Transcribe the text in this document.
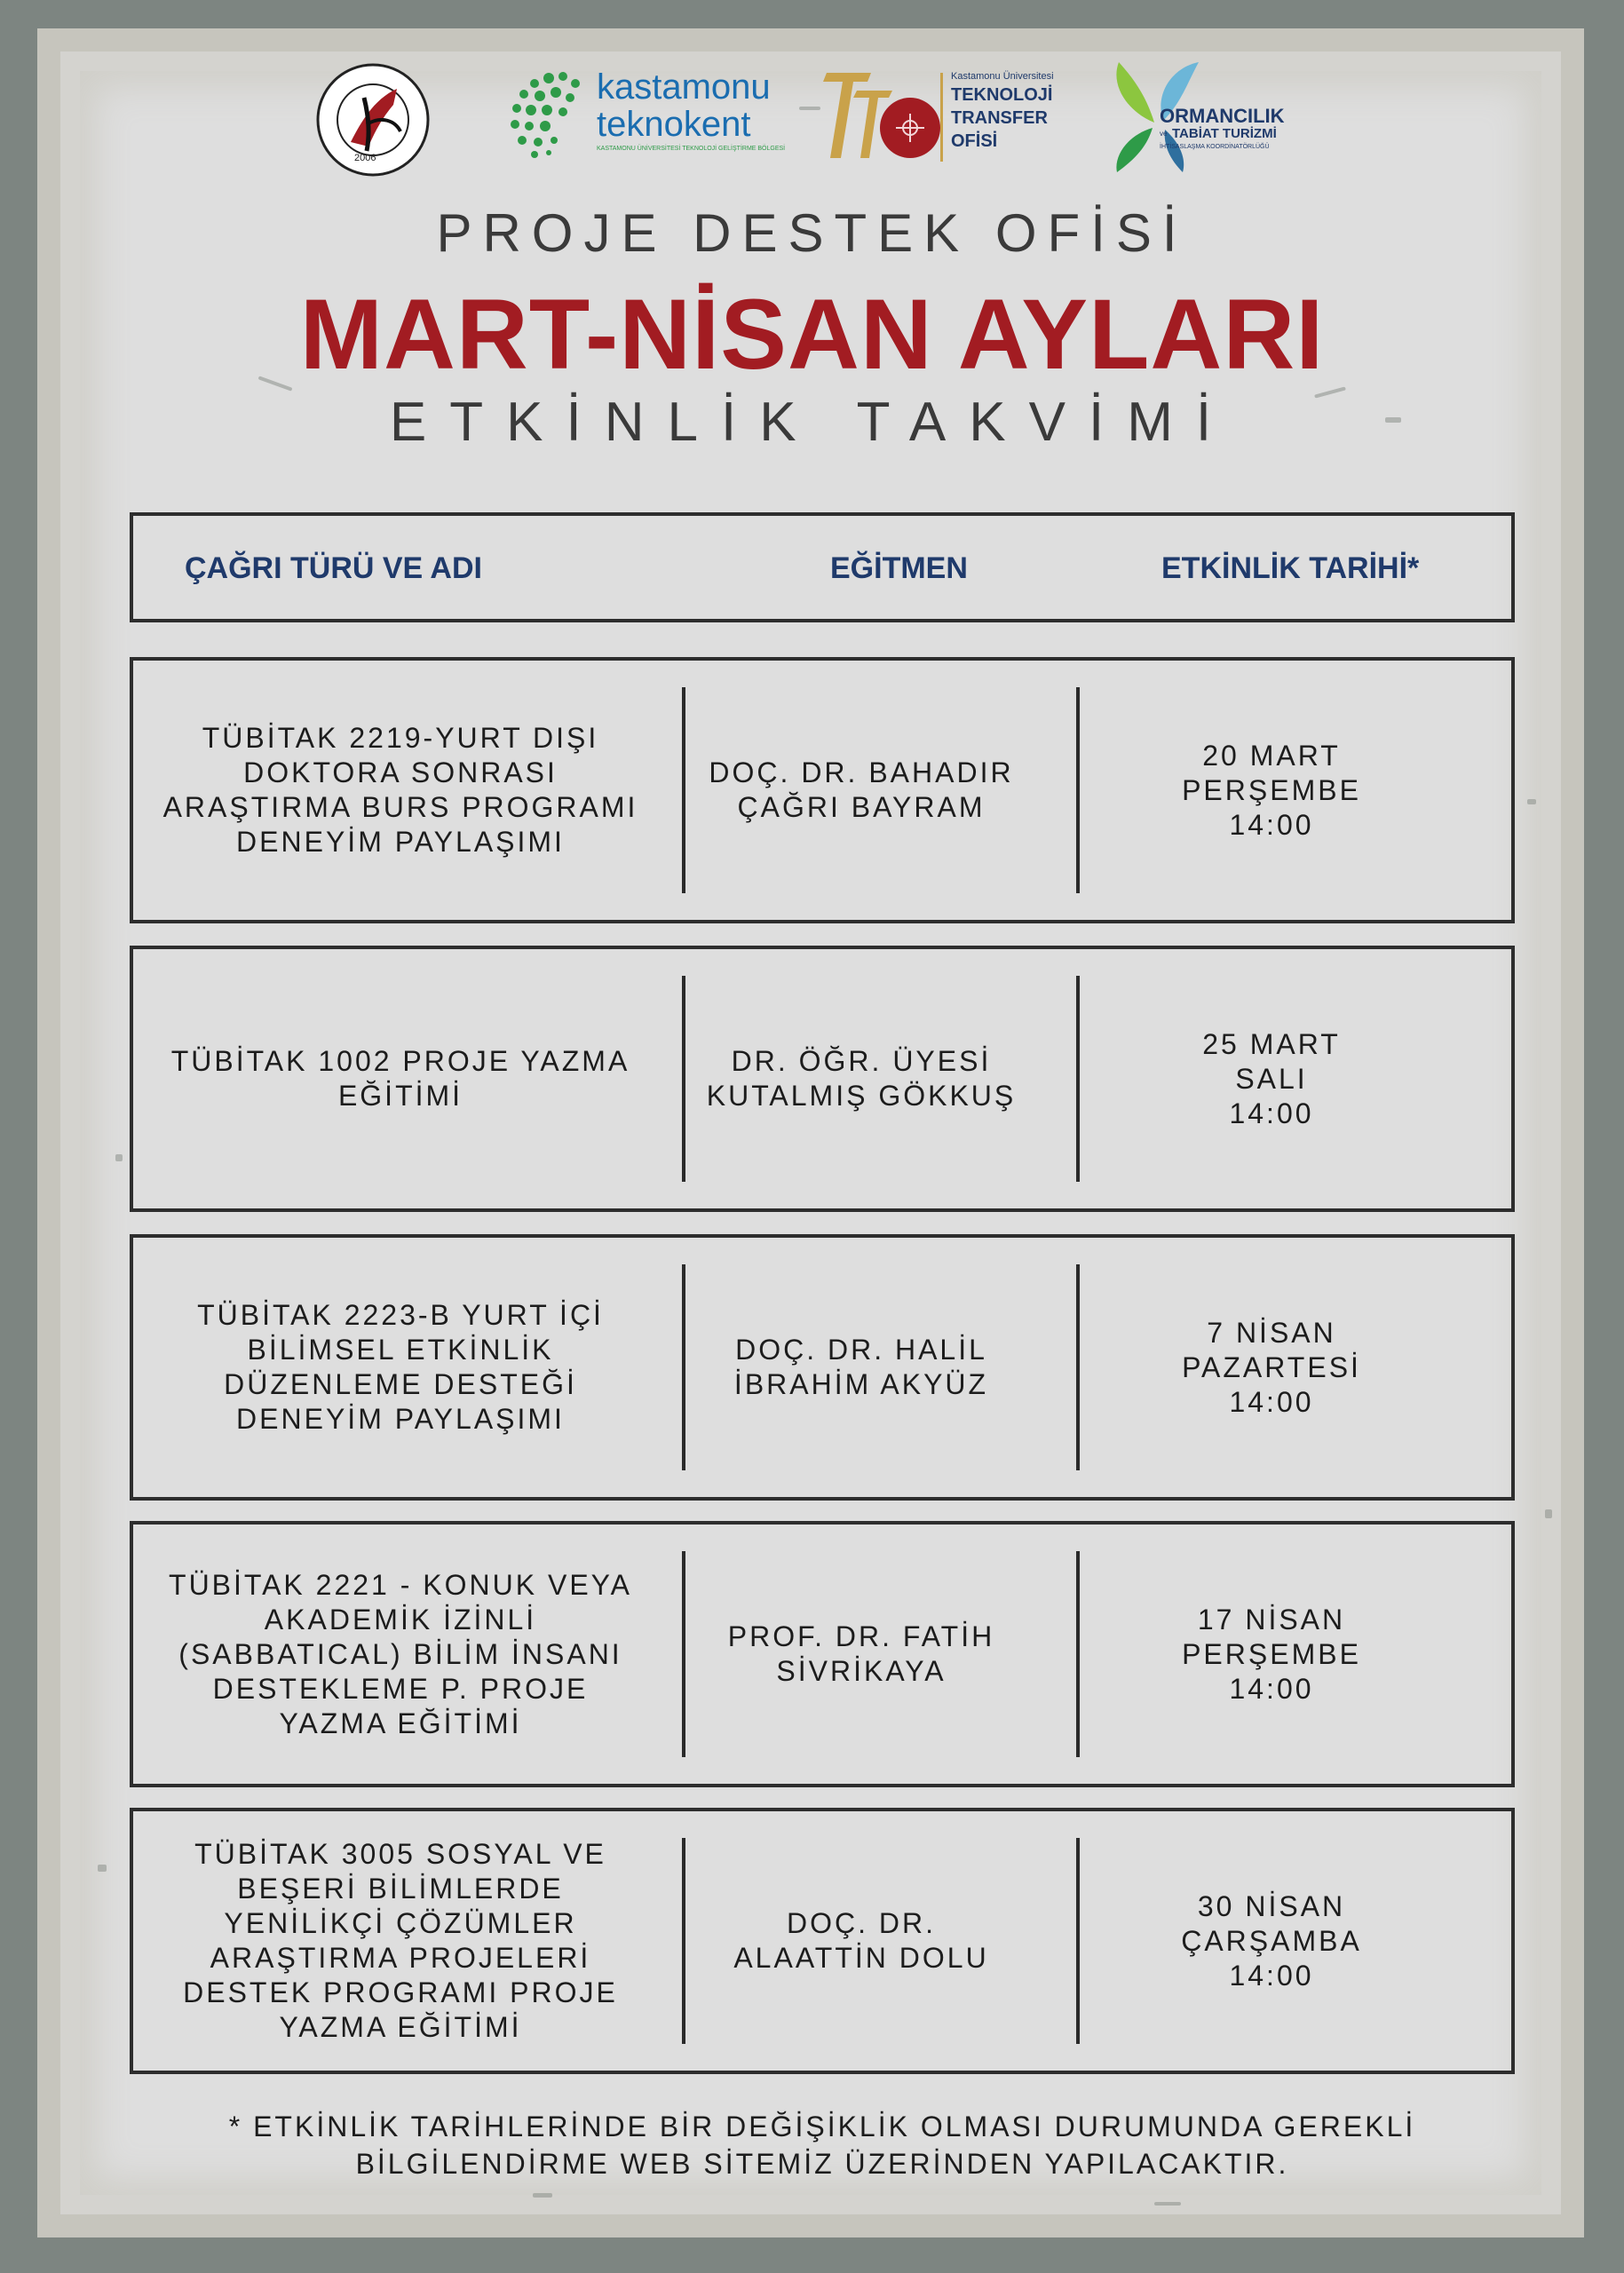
2006
kastamonu
teknokent
KASTAMONU ÜNİVERSİTESİ TEKNOLOJİ GELİŞTİRME BÖLGESİ
Kastamonu Üniversitesi
TEKNOLOJİ
TRANSFER
OFİSİ
ORMANCILIK
ve TABİAT TURİZMİ
İHTİSASLAŞMA KOORDİNATÖRLÜĞÜ
PROJE DESTEK OFİSİ
MART-NİSAN AYLARI
ETKİNLİK TAKVİMİ
ÇAĞRI TÜRÜ VE ADI	EĞİTMEN	ETKİNLİK TARİHİ*
TÜBİTAK 2219-YURT DIŞI
DOKTORA SONRASI
ARAŞTIRMA BURS PROGRAMI
DENEYİM PAYLAŞIMI
DOÇ. DR. BAHADIR
ÇAĞRI BAYRAM
20 MART
PERŞEMBE
14:00
TÜBİTAK 1002 PROJE YAZMA
EĞİTİMİ
DR. ÖĞR. ÜYESİ
KUTALMIŞ GÖKKUŞ
25 MART
SALI
14:00
TÜBİTAK 2223-B YURT İÇİ
BİLİMSEL ETKİNLİK
DÜZENLEME DESTEĞİ
DENEYİM PAYLAŞIMI
DOÇ. DR. HALİL
İBRAHİM AKYÜZ
7 NİSAN
PAZARTESİ
14:00
TÜBİTAK 2221 - KONUK VEYA
AKADEMİK İZİNLİ
(SABBATICAL) BİLİM İNSANI
DESTEKLEME P. PROJE
YAZMA EĞİTİMİ
PROF. DR. FATİH
SİVRİKAYA
17 NİSAN
PERŞEMBE
14:00
TÜBİTAK 3005 SOSYAL VE
BEŞERİ BİLİMLERDE
YENİLİKÇİ ÇÖZÜMLER
ARAŞTIRMA PROJELERİ
DESTEK PROGRAMI PROJE
YAZMA EĞİTİMİ
DOÇ. DR.
ALAATTİN DOLU
30 NİSAN
ÇARŞAMBA
14:00
* ETKİNLİK TARİHLERİNDE BİR DEĞİŞİKLİK OLMASI DURUMUNDA GEREKLİ
BİLGİLENDİRME WEB SİTEMİZ ÜZERİNDEN YAPILACAKTIR.
